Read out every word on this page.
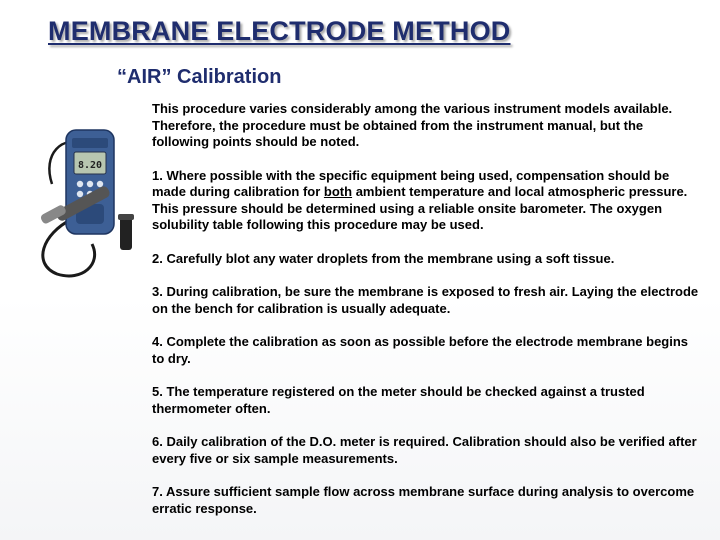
MEMBRANE ELECTRODE METHOD
“AIR” Calibration
8.20

This procedure varies considerably among the various instrument models available. Therefore, the procedure must be obtained from the instrument manual, but the following points should be noted.

1. Where possible with the specific equipment being used, compensation should be made during calibration for both ambient temperature and local atmospheric pressure. This pressure should be determined using a reliable onsite barometer. The oxygen solubility table following this procedure may be used.

2. Carefully blot any water droplets from the membrane using a soft tissue.

3. During calibration, be sure the membrane is exposed to fresh air. Laying the electrode on the bench for calibration is usually adequate.

4. Complete the calibration as soon as possible before the electrode membrane begins to dry.

5. The temperature registered on the meter should be checked against a trusted thermometer often.

6. Daily calibration of the D.O. meter is required. Calibration should also be verified after every five or six sample measurements.

7. Assure sufficient sample flow across membrane surface during analysis to overcome erratic response.
